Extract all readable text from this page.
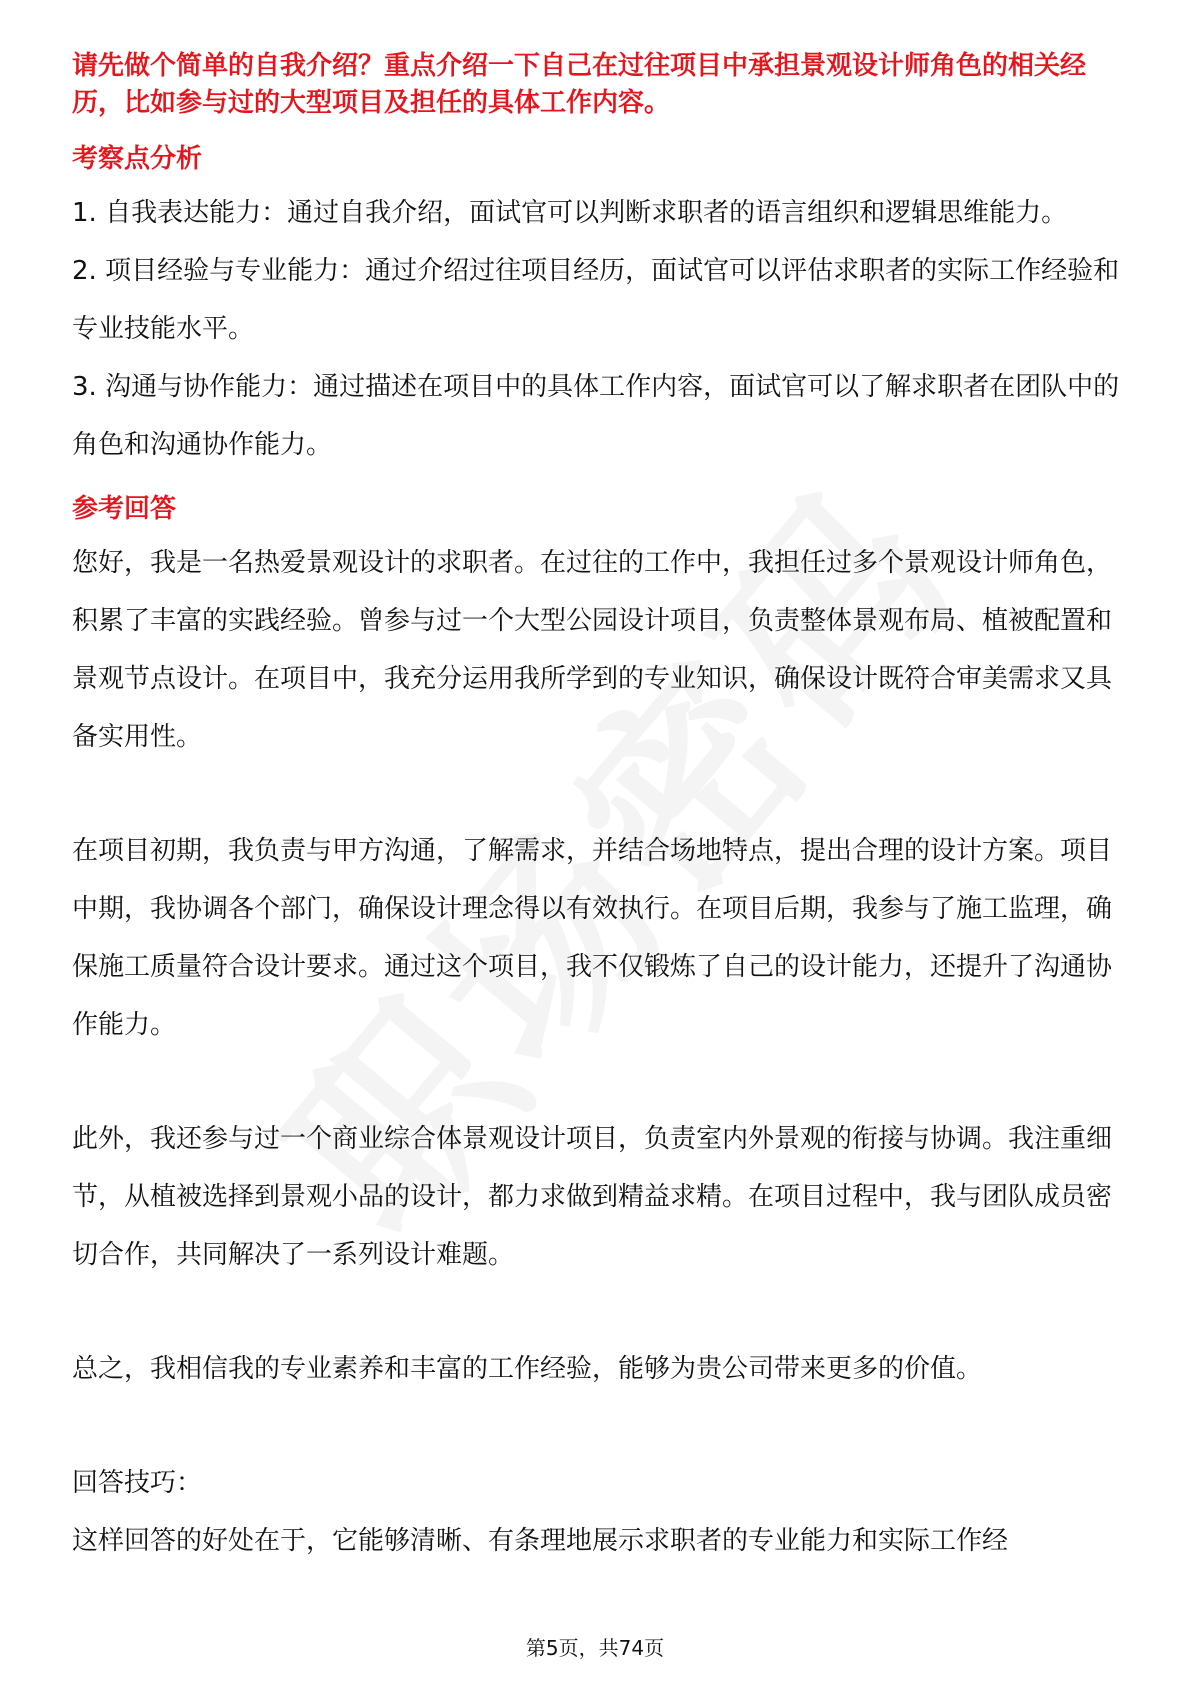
请先做个简单的自我介绍？重点介绍一下自己在过往项目中承担景观设计师角色的相关经历，比如参与过的大型项目及担任的具体工作内容。
考察点分析

1. 自我表达能力：通过自我介绍，面试官可以判断求职者的语言组织和逻辑思维能力。

2. 项目经验与专业能力：通过介绍过往项目经历，面试官可以评估求职者的实际工作经验和专业技能水平。

3. 沟通与协作能力：通过描述在项目中的具体工作内容，面试官可以了解求职者在团队中的角色和沟通协作能力。

参考回答

您好，我是一名热爱景观设计的求职者。在过往的工作中，我担任过多个景观设计师角色，积累了丰富的实践经验。曾参与过一个大型公园设计项目，负责整体景观布局、植被配置和景观节点设计。在项目中，我充分运用我所学到的专业知识，确保设计既符合审美需求又具备实用性。

在项目初期，我负责与甲方沟通，了解需求，并结合场地特点，提出合理的设计方案。项目中期，我协调各个部门，确保设计理念得以有效执行。在项目后期，我参与了施工监理，确保施工质量符合设计要求。通过这个项目，我不仅锻炼了自己的设计能力，还提升了沟通协作能力。

此外，我还参与过一个商业综合体景观设计项目，负责室内外景观的衔接与协调。我注重细节，从植被选择到景观小品的设计，都力求做到精益求精。在项目过程中，我与团队成员密切合作，共同解决了一系列设计难题。

总之，我相信我的专业素养和丰富的工作经验，能够为贵公司带来更多的价值。

回答技巧：

这样回答的好处在于，它能够清晰、有条理地展示求职者的专业能力和实际工作经

第5页，共74页
